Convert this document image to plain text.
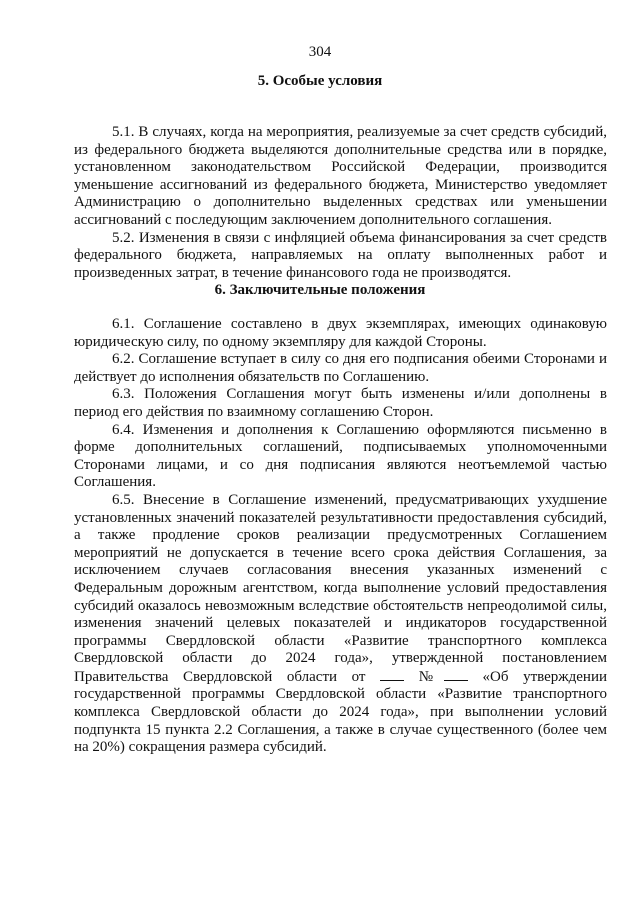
304
5. Особые условия

5.1. В случаях, когда на мероприятия, реализуемые за счет средств субсидий, из федерального бюджета выделяются дополнительные средства или в порядке, установленном законодательством Российской Федерации, производится уменьшение ассигнований из федерального бюджета, Министерство уведомляет Администрацию о дополнительно выделенных средствах или уменьшении ассигнований с последующим заключением дополнительного соглашения.

5.2. Изменения в связи с инфляцией объема финансирования за счет средств федерального бюджета, направляемых на оплату выполненных работ и произведенных затрат, в течение финансового года не производятся.

6. Заключительные положения

6.1. Соглашение составлено в двух экземплярах, имеющих одинаковую юридическую силу, по одному экземпляру для каждой Стороны.

6.2. Соглашение вступает в силу со дня его подписания обеими Сторонами и действует до исполнения обязательств по Соглашению.

6.3. Положения Соглашения могут быть изменены и/или дополнены в период его действия по взаимному соглашению Сторон.

6.4. Изменения и дополнения к Соглашению оформляются письменно в форме дополнительных соглашений, подписываемых уполномоченными Сторонами лицами, и со дня подписания являются неотъемлемой частью Соглашения.

6.5. Внесение в Соглашение изменений, предусматривающих ухудшение установленных значений показателей результативности предоставления субсидий, а также продление сроков реализации предусмотренных Соглашением мероприятий не допускается в течение всего срока действия Соглашения, за исключением случаев согласования внесения указанных изменений с Федеральным дорожным агентством, когда выполнение условий предоставления субсидий оказалось невозможным вследствие обстоятельств непреодолимой силы, изменения значений целевых показателей и индикаторов государственной программы Свердловской области «Развитие транспортного комплекса Свердловской области до 2024 года», утвержденной постановлением Правительства Свердловской области от	№	«Об утверждении государственной программы Свердловской области «Развитие транспортного комплекса Свердловской области до 2024 года», при выполнении условий подпункта 15 пункта 2.2 Соглашения, а также в случае существенного (более чем на 20%) сокращения размера субсидий.
